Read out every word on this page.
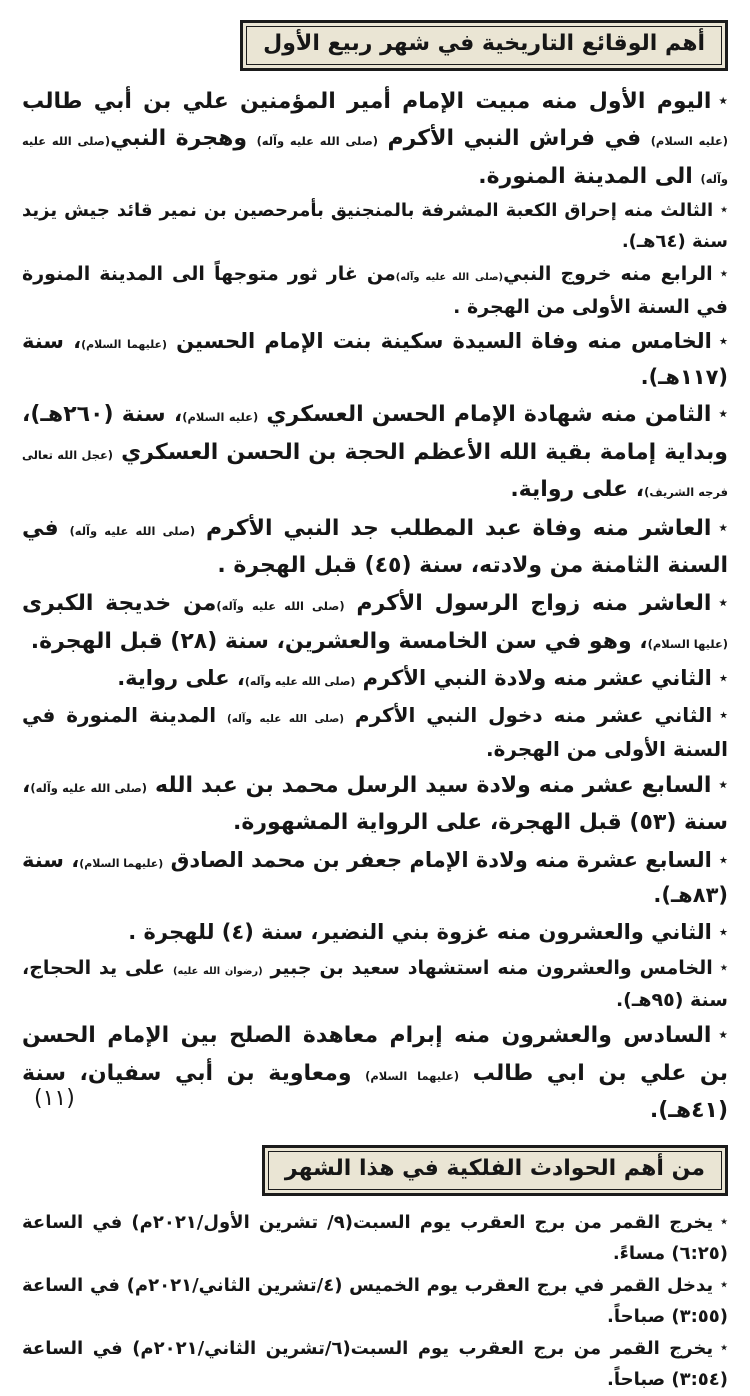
أهم الوقائع التاريخية في شهر ربيع الأول
٭اليوم الأول منه مبيت الإمام أمير المؤمنين علي بن أبي طالب (عليه السلام) في فراش النبي الأكرم (صلى الله عليه وآله) وهجرة النبي(صلى الله عليه وآله) الى المدينة المنورة.
٭الثالث منه إحراق الكعبة المشرفة بالمنجنيق بأمرحصين بن نمير قائد جيش يزيد سنة (٦٤هـ).
٭الرابع منه خروج النبي(صلى الله عليه وآله)من غار ثور متوجهاً الى المدينة المنورة في السنة الأولى من الهجرة .
٭الخامس منه وفاة السيدة سكينة بنت الإمام الحسين (عليهما السلام)، سنة (١١٧هـ).
٭الثامن منه شهادة الإمام الحسن العسكري (عليه السلام)، سنة (٢٦٠هـ)، وبداية إمامة بقية الله الأعظم الحجة بن الحسن العسكري (عجل الله تعالى فرجه الشريف)، على رواية.
٭العاشر منه وفاة عبد المطلب جد النبي الأكرم (صلى الله عليه وآله) في السنة الثامنة من ولادته، سنة (٤٥) قبل الهجرة .
٭العاشر منه زواج الرسول الأكرم (صلى الله عليه وآله)من خديجة الكبرى (عليها السلام)، وهو في سن الخامسة والعشرين، سنة (٢٨) قبل الهجرة.
٭الثاني عشر منه ولادة النبي الأكرم (صلى الله عليه وآله)، على رواية.
٭الثاني عشر منه دخول النبي الأكرم (صلى الله عليه وآله) المدينة المنورة في السنة الأولى من الهجرة.
٭السابع عشر منه ولادة سيد الرسل محمد بن عبد الله (صلى الله عليه وآله)، سنة (٥٣) قبل الهجرة، على الرواية المشهورة.
٭السابع عشرة منه ولادة الإمام جعفر بن محمد الصادق (عليهما السلام)، سنة (٨٣هـ).
٭الثاني والعشرون منه غزوة بني النضير، سنة (٤) للهجرة .
٭الخامس والعشرون منه استشهاد سعيد بن جبير (رضوان الله عليه) على يد الحجاج، سنة (٩٥هـ).
٭السادس والعشرون منه إبرام معاهدة الصلح بين الإمام الحسن بن علي بن ابي طالب (عليهما السلام) ومعاوية بن أبي سفيان، سنة (٤١هـ).
من أهم الحوادث الفلكية في هذا الشهر
٭يخرج القمر من برج العقرب يوم السبت(٩/ تشرين الأول/٢٠٢١م) في الساعة (٦:٢٥) مساءً.
٭يدخل القمر في برج العقرب يوم الخميس (٤/تشرين الثاني/٢٠٢١م) في الساعة (٣:٥٥) صباحاً.
٭يخرج القمر من برج العقرب يوم السبت(٦/تشرين الثاني/٢٠٢١م) في الساعة (٣:٥٤) صباحاً.
(١١)
